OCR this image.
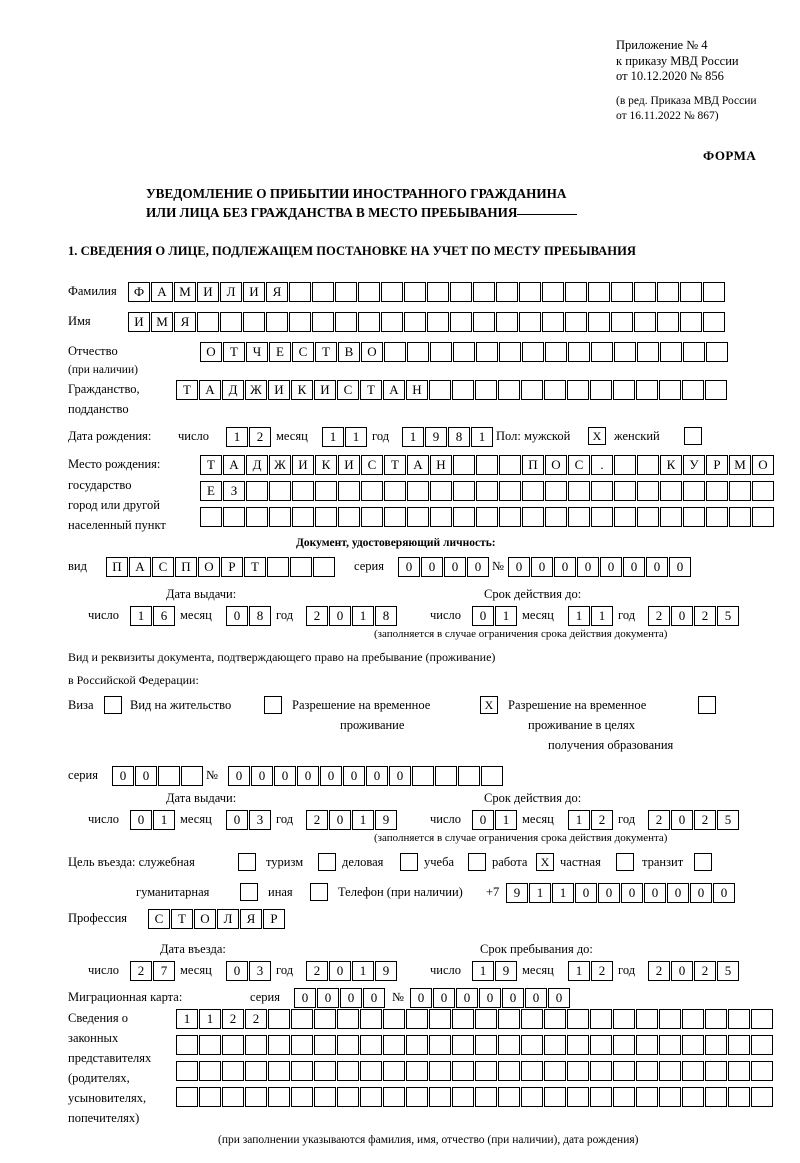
Приложение № 4
к приказу МВД России
от 10.12.2020 № 856
(в ред. Приказа МВД России
от 16.11.2022 № 867)
ФОРМА
УВЕДОМЛЕНИЕ О ПРИБЫТИИ ИНОСТРАННОГО ГРАЖДАНИНА
ИЛИ ЛИЦА БЕЗ ГРАЖДАНСТВА В МЕСТО ПРЕБЫВАНИЯ
1. СВЕДЕНИЯ О ЛИЦЕ, ПОДЛЕЖАЩЕМ ПОСТАНОВКЕ НА УЧЕТ ПО МЕСТУ ПРЕБЫВАНИЯ
Фамилия	Ф	А М И	Л	И	Я
Имя	И М Я
Отчество
(при наличии)
О	Т	Ч	Е	С	Т	В	О
Гражданство,
подданство
Т	А	Д Ж И	К	И	С	Т	А	Н
Дата рождения: число	1	2	месяц	1	1	год	1	9	8	1 Пол: мужской	X	женский
Место рождения:
государство
город или другой
населенный пункт
Т	А	Д Ж И	К	И	С	Т	А	Н	П	О	С	.	К	У	Р	М О
Е	З
Документ, удостоверяющий личность:
вид	П	А	С	П	О	Р	Т	серия	0	0	0	0 № 0	0	0	0	0	0	0	0
Дата выдачи:	Срок действия до:
число	1	6	месяц	0	8	год	2	0	1	8	число	0	1	месяц	1	1	год	2	0	2	5
(заполняется в случае ограничения срока действия документа)
Вид и реквизиты документа, подтверждающего право на пребывание (проживание)
в Российской Федерации:
Виза	Вид на жительство	Разрешение на временное
проживание
X	Разрешение на временное
проживание в целях
получения образования
серия	0	0	№	0	0	0	0	0	0	0	0
Дата выдачи:	Срок действия до:
число	0	1	месяц	0	3	год	2	0	1	9	число	0	1	месяц	1	2	год	2	0	2	5
(заполняется в случае ограничения срока действия документа)
Цель въезда: служебная	туризм	деловая	учеба	работа	X частная	транзит
гуманитарная	иная	Телефон (при наличии) +7	9	1	1	0	0	0	0	0	0	0
Профессия	С	Т	О	Л	Я	Р
Дата въезда:	Срок пребывания до:
число	2	7	месяц	0	3	год	2	0	1	9	число	1	9	месяц	1	2	год	2	0	2	5
Миграционная карта:	серия	0	0	0	0	№	0	0	0	0	0	0	0
Сведения о
законных
представителях
(родителях,
усыновителях,
попечителях)
1	1	2	2
(при заполнении указываются фамилия, имя, отчество (при наличии), дата рождения)
